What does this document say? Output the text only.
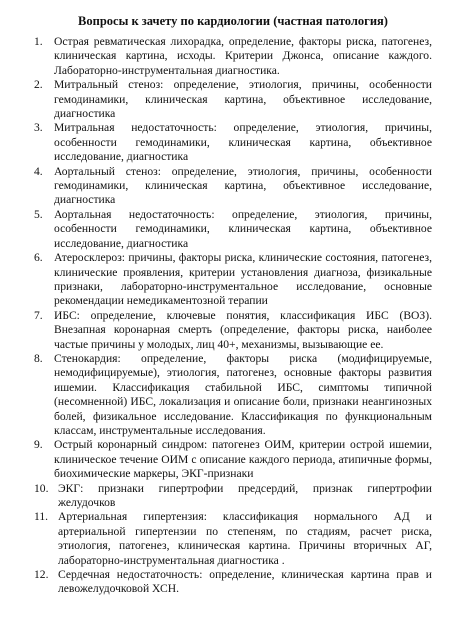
Вопросы к зачету по кардиологии (частная патология)
1. Острая ревматическая лихорадка, определение, факторы риска, патогенез, клиническая картина, исходы. Критерии Джонса, описание каждого. Лабораторно-инструментальная диагностика.
2. Митральный стеноз: определение, этиология, причины, особенности гемодинамики, клиническая картина, объективное исследование, диагностика
3. Митральная недостаточность: определение, этиология, причины, особенности гемодинамики, клиническая картина, объективное исследование, диагностика
4. Аортальный стеноз: определение, этиология, причины, особенности гемодинамики, клиническая картина, объективное исследование, диагностика
5. Аортальная недостаточность: определение, этиология, причины, особенности гемодинамики, клиническая картина, объективное исследование, диагностика
6. Атеросклероз: причины, факторы риска, клинические состояния, патогенез, клинические проявления, критерии установления диагноза, физикальные признаки, лабораторно-инструментальное исследование, основные рекомендации немедикаментозной терапии
7. ИБС: определение, ключевые понятия, классификация ИБС (ВОЗ). Внезапная коронарная смерть (определение, факторы риска, наиболее частые причины у молодых, лиц 40+, механизмы, вызывающие ее.
8. Стенокардия: определение, факторы риска (модифицируемые, немодифицируемые), этиология, патогенез, основные факторы развития ишемии. Классификация стабильной ИБС, симптомы типичной (несомненной) ИБС, локализация и описание боли, признаки неангинозных болей, физикальное исследование. Классификация по функциональным классам, инструментальные исследования.
9. Острый коронарный синдром: патогенез ОИМ, критерии острой ишемии, клиническое течение ОИМ с описание каждого периода, атипичные формы, биохимические маркеры, ЭКГ-признаки
10. ЭКГ: признаки гипертрофии предсердий, признак гипертрофии желудочков
11. Артериальная гипертензия: классификация нормального АД и артериальной гипертензии по степеням, по стадиям, расчет риска, этиология, патогенез, клиническая картина. Причины вторичных АГ, лабораторно-инструментальная диагностика .
12. Сердечная недостаточность: определение, клиническая картина прав и левожелудочковой ХСН.
